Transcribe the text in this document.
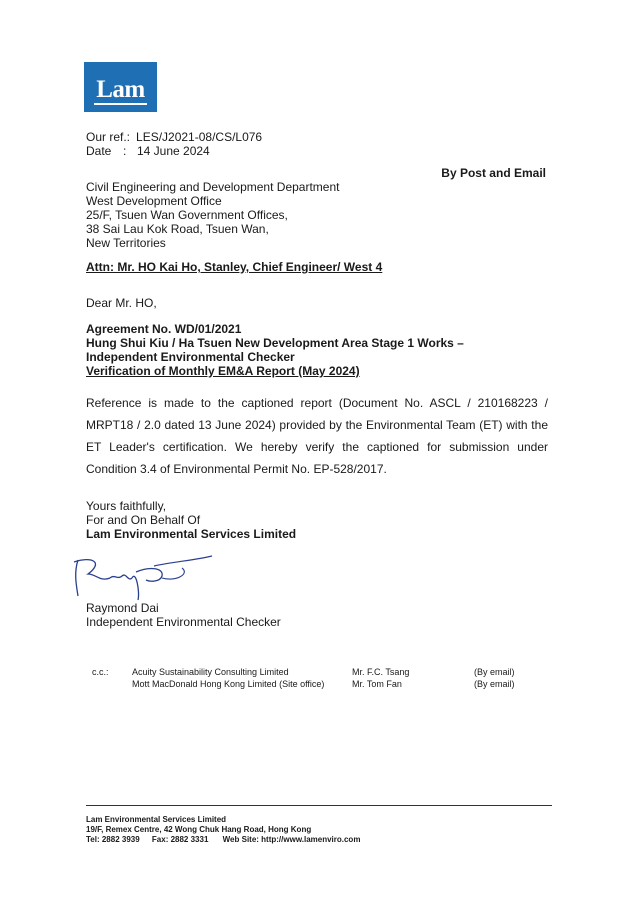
Lam
Our ref.: LES/J2021-08/CS/L076
Date : 14 June 2024
By Post and Email
Civil Engineering and Development Department
West Development Office
25/F, Tsuen Wan Government Offices,
38 Sai Lau Kok Road, Tsuen Wan,
New Territories
Attn: Mr. HO Kai Ho, Stanley, Chief Engineer/ West 4
Dear Mr. HO,
Agreement No. WD/01/2021
Hung Shui Kiu / Ha Tsuen New Development Area Stage 1 Works –
Independent Environmental Checker
Verification of Monthly EM&A Report (May 2024)
Reference is made to the captioned report (Document No. ASCL / 210168223 / MRPT18 / 2.0 dated 13 June 2024) provided by the Environmental Team (ET) with the ET Leader's certification. We hereby verify the captioned for submission under Condition 3.4 of Environmental Permit No. EP-528/2017.
Yours faithfully,
For and On Behalf Of
Lam Environmental Services Limited
Raymond Dai
Independent Environmental Checker
c.c.:	Acuity Sustainability Consulting Limited	Mr. F.C. Tsang	(By email)
Mott MacDonald Hong Kong Limited (Site office)	Mr. Tom Fan	(By email)
Lam Environmental Services Limited
19/F, Remex Centre, 42 Wong Chuk Hang Road, Hong Kong
Tel: 2882 3939 Fax: 2882 3331 Web Site: http://www.lamenviro.com
